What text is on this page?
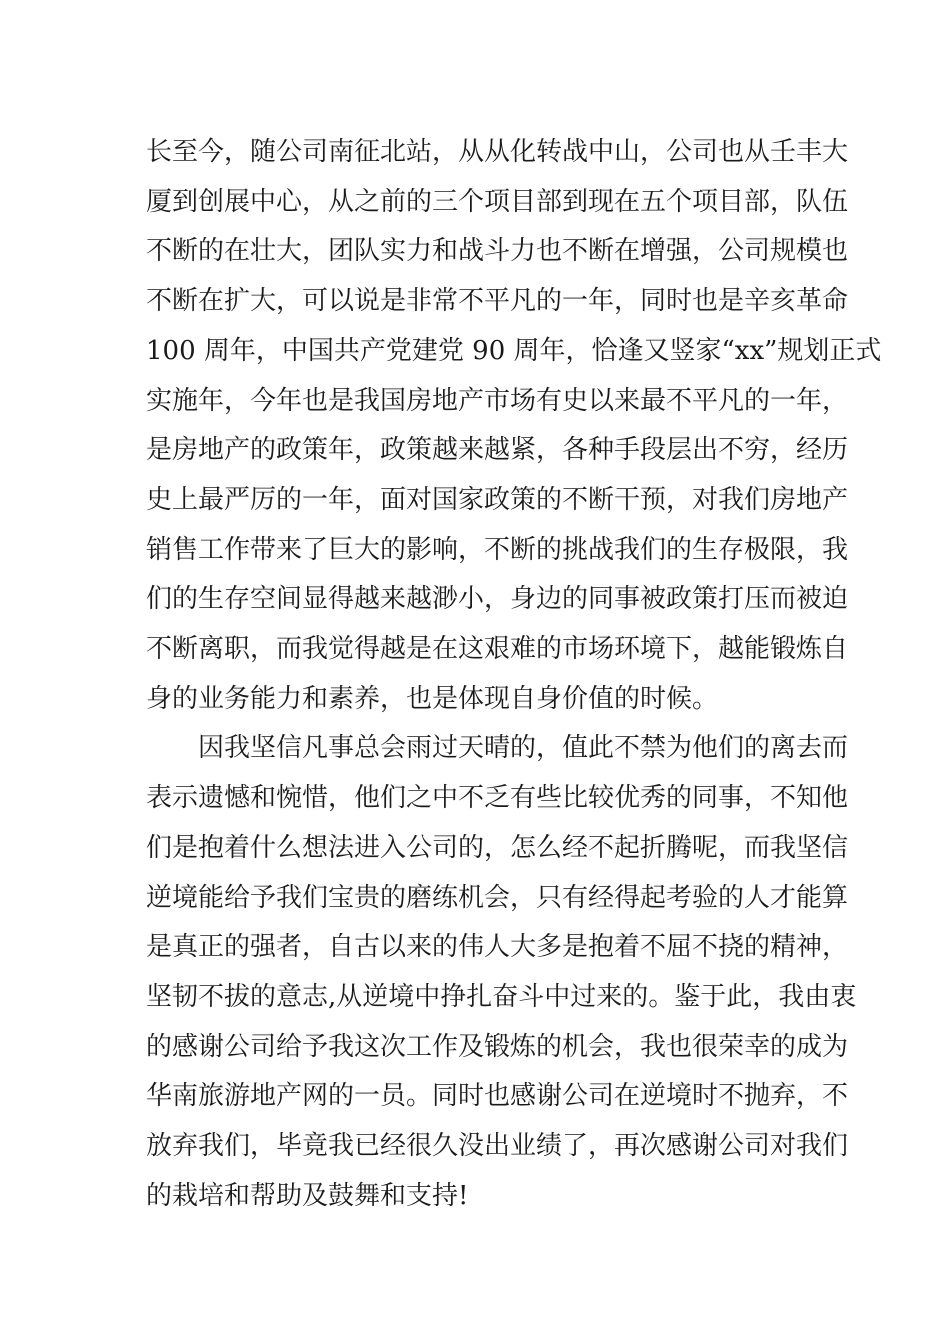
长至今，随公司南征北站，从从化转战中山，公司也从壬丰大
厦到创展中心，从之前的三个项目部到现在五个项目部，队伍
不断的在壮大，团队实力和战斗力也不断在增强，公司规模也
不断在扩大，可以说是非常不平凡的一年，同时也是辛亥革命
100 周年，中国共产党建党 90 周年，恰逢又竖家“xx”规划正式
实施年，今年也是我国房地产市场有史以来最不平凡的一年，
是房地产的政策年，政策越来越紧，各种手段层出不穷，经历
史上最严厉的一年，面对国家政策的不断干预，对我们房地产
销售工作带来了巨大的影响，不断的挑战我们的生存极限，我
们的生存空间显得越来越渺小，身边的同事被政策打压而被迫
不断离职，而我觉得越是在这艰难的市场环境下，越能锻炼自
身的业务能力和素养，也是体现自身价值的时候。

因我坚信凡事总会雨过天晴的，值此不禁为他们的离去而
表示遗憾和惋惜，他们之中不乏有些比较优秀的同事，不知他
们是抱着什么想法进入公司的，怎么经不起折腾呢，而我坚信
逆境能给予我们宝贵的磨练机会，只有经得起考验的人才能算
是真正的强者，自古以来的伟人大多是抱着不屈不挠的精神，
坚韧不拔的意志,从逆境中挣扎奋斗中过来的。鉴于此，我由衷
的感谢公司给予我这次工作及锻炼的机会，我也很荣幸的成为
华南旅游地产网的一员。同时也感谢公司在逆境时不抛弃，不
放弃我们，毕竟我已经很久没出业绩了，再次感谢公司对我们
的栽培和帮助及鼓舞和支持!
